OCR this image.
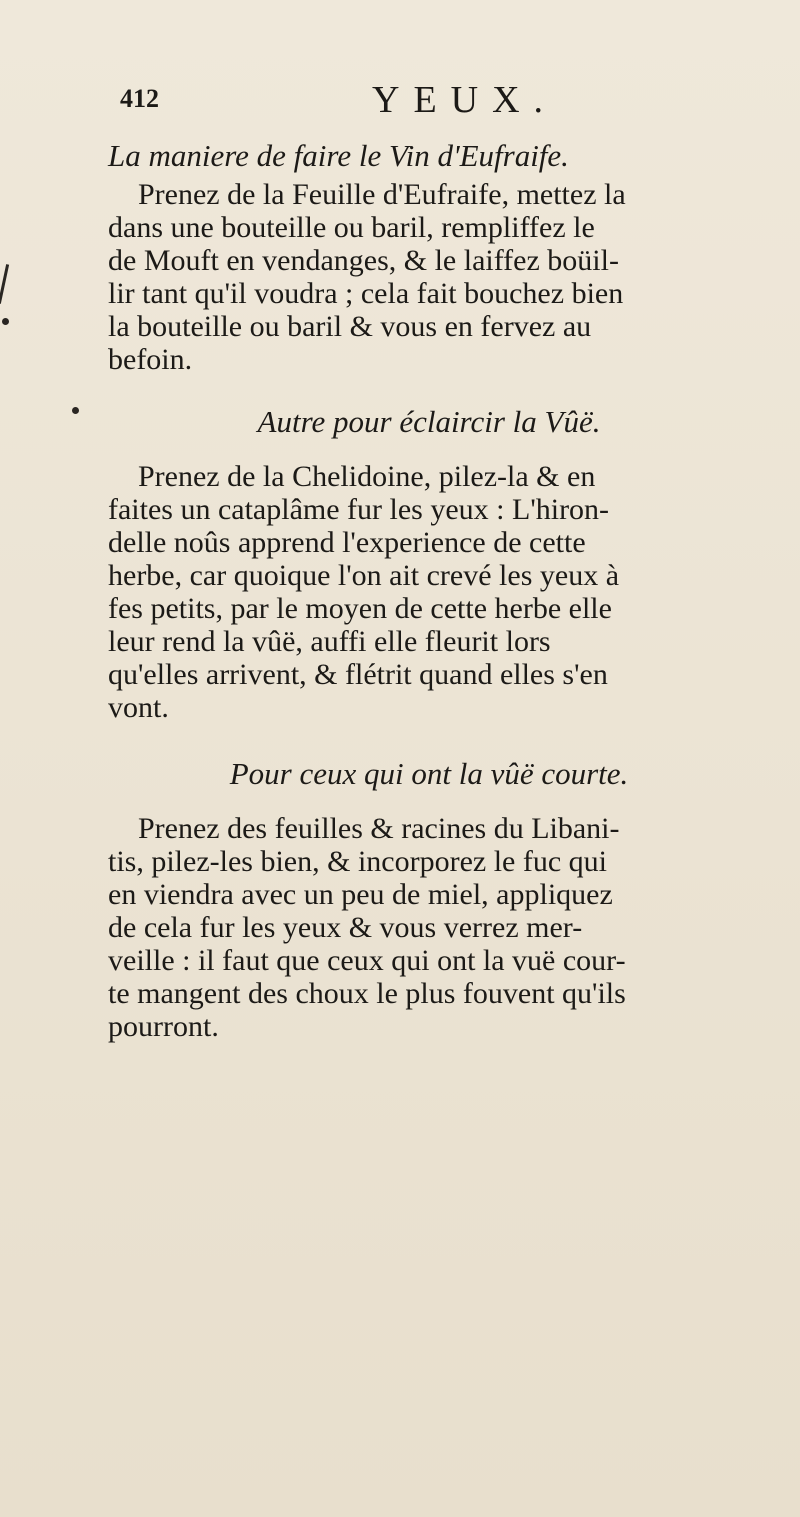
412	YEUX.
La maniere de faire le Vin d'Eufraife.
Prenez de la Feuille d'Eufraife, mettez la
dans une bouteille ou baril, rempliffez le
de Mouft en vendanges, & le laiffez boüil-
lir tant qu'il voudra ; cela fait bouchez bien
la bouteille ou baril & vous en fervez au
befoin.
Autre pour éclaircir la Vûë.
Prenez de la Chelidoine, pilez-la & en
faites un cataplâme fur les yeux : L'hiron-
delle noûs apprend l'experience de cette
herbe, car quoique l'on ait crevé les yeux à
fes petits, par le moyen de cette herbe elle
leur rend la vûë, auffi elle fleurit lors
qu'elles arrivent, & flétrit quand elles s'en
vont.
Pour ceux qui ont la vûë courte.
Prenez des feuilles & racines du Libani-
tis, pilez-les bien, & incorporez le fuc qui
en viendra avec un peu de miel, appliquez
de cela fur les yeux & vous verrez mer-
veille : il faut que ceux qui ont la vuë cour-
te mangent des choux le plus fouvent qu'ils
pourront.
